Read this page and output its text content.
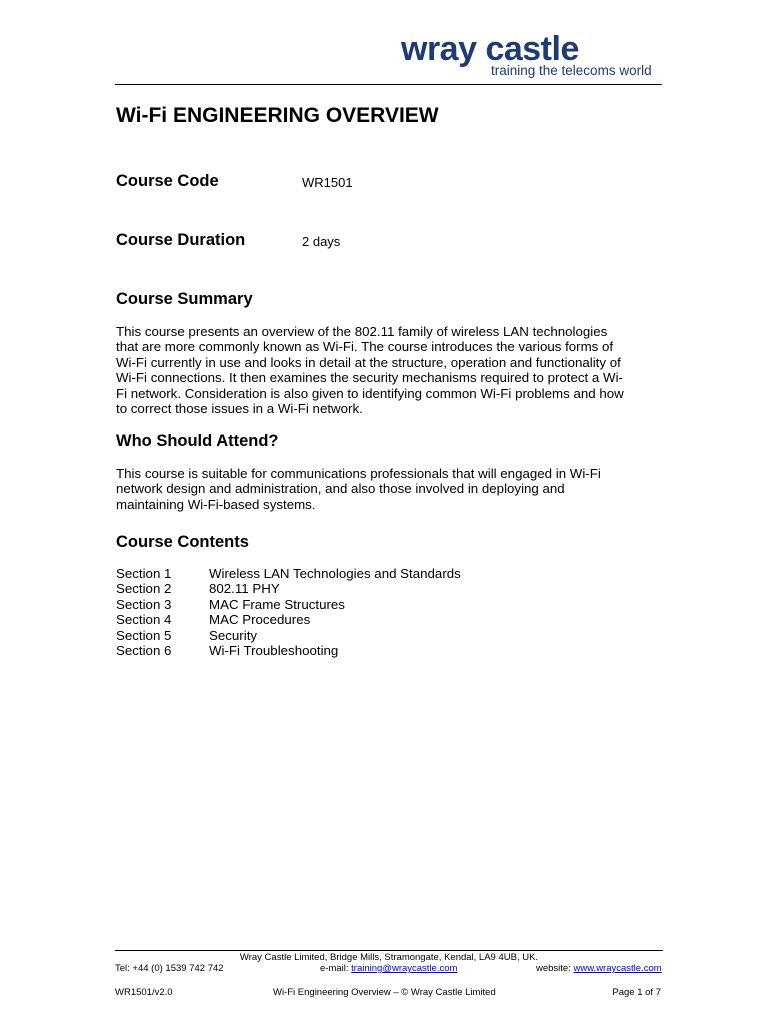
wray castle
training the telecoms world
Wi-Fi ENGINEERING OVERVIEW
Course Code	WR1501
Course Duration	2 days
Course Summary
This course presents an overview of the 802.11 family of wireless LAN technologies
that are more commonly known as Wi-Fi. The course introduces the various forms of
Wi-Fi currently in use and looks in detail at the structure, operation and functionality of
Wi-Fi connections. It then examines the security mechanisms required to protect a Wi-
Fi network. Consideration is also given to identifying common Wi-Fi problems and how
to correct those issues in a Wi-Fi network.
Who Should Attend?
This course is suitable for communications professionals that will engaged in Wi-Fi
network design and administration, and also those involved in deploying and
maintaining Wi-Fi-based systems.
Course Contents
Section 1	Wireless LAN Technologies and Standards
Section 2	802.11 PHY
Section 3	MAC Frame Structures
Section 4	MAC Procedures
Section 5	Security
Section 6	Wi-Fi Troubleshooting
Wray Castle Limited, Bridge Mills, Stramongate, Kendal, LA9 4UB, UK.
Tel: +44 (0) 1539 742 742	e-mail: training@wraycastle.com	website: www.wraycastle.com
WR1501/v2.0	Wi-Fi Engineering Overview – © Wray Castle Limited	Page 1 of 7
